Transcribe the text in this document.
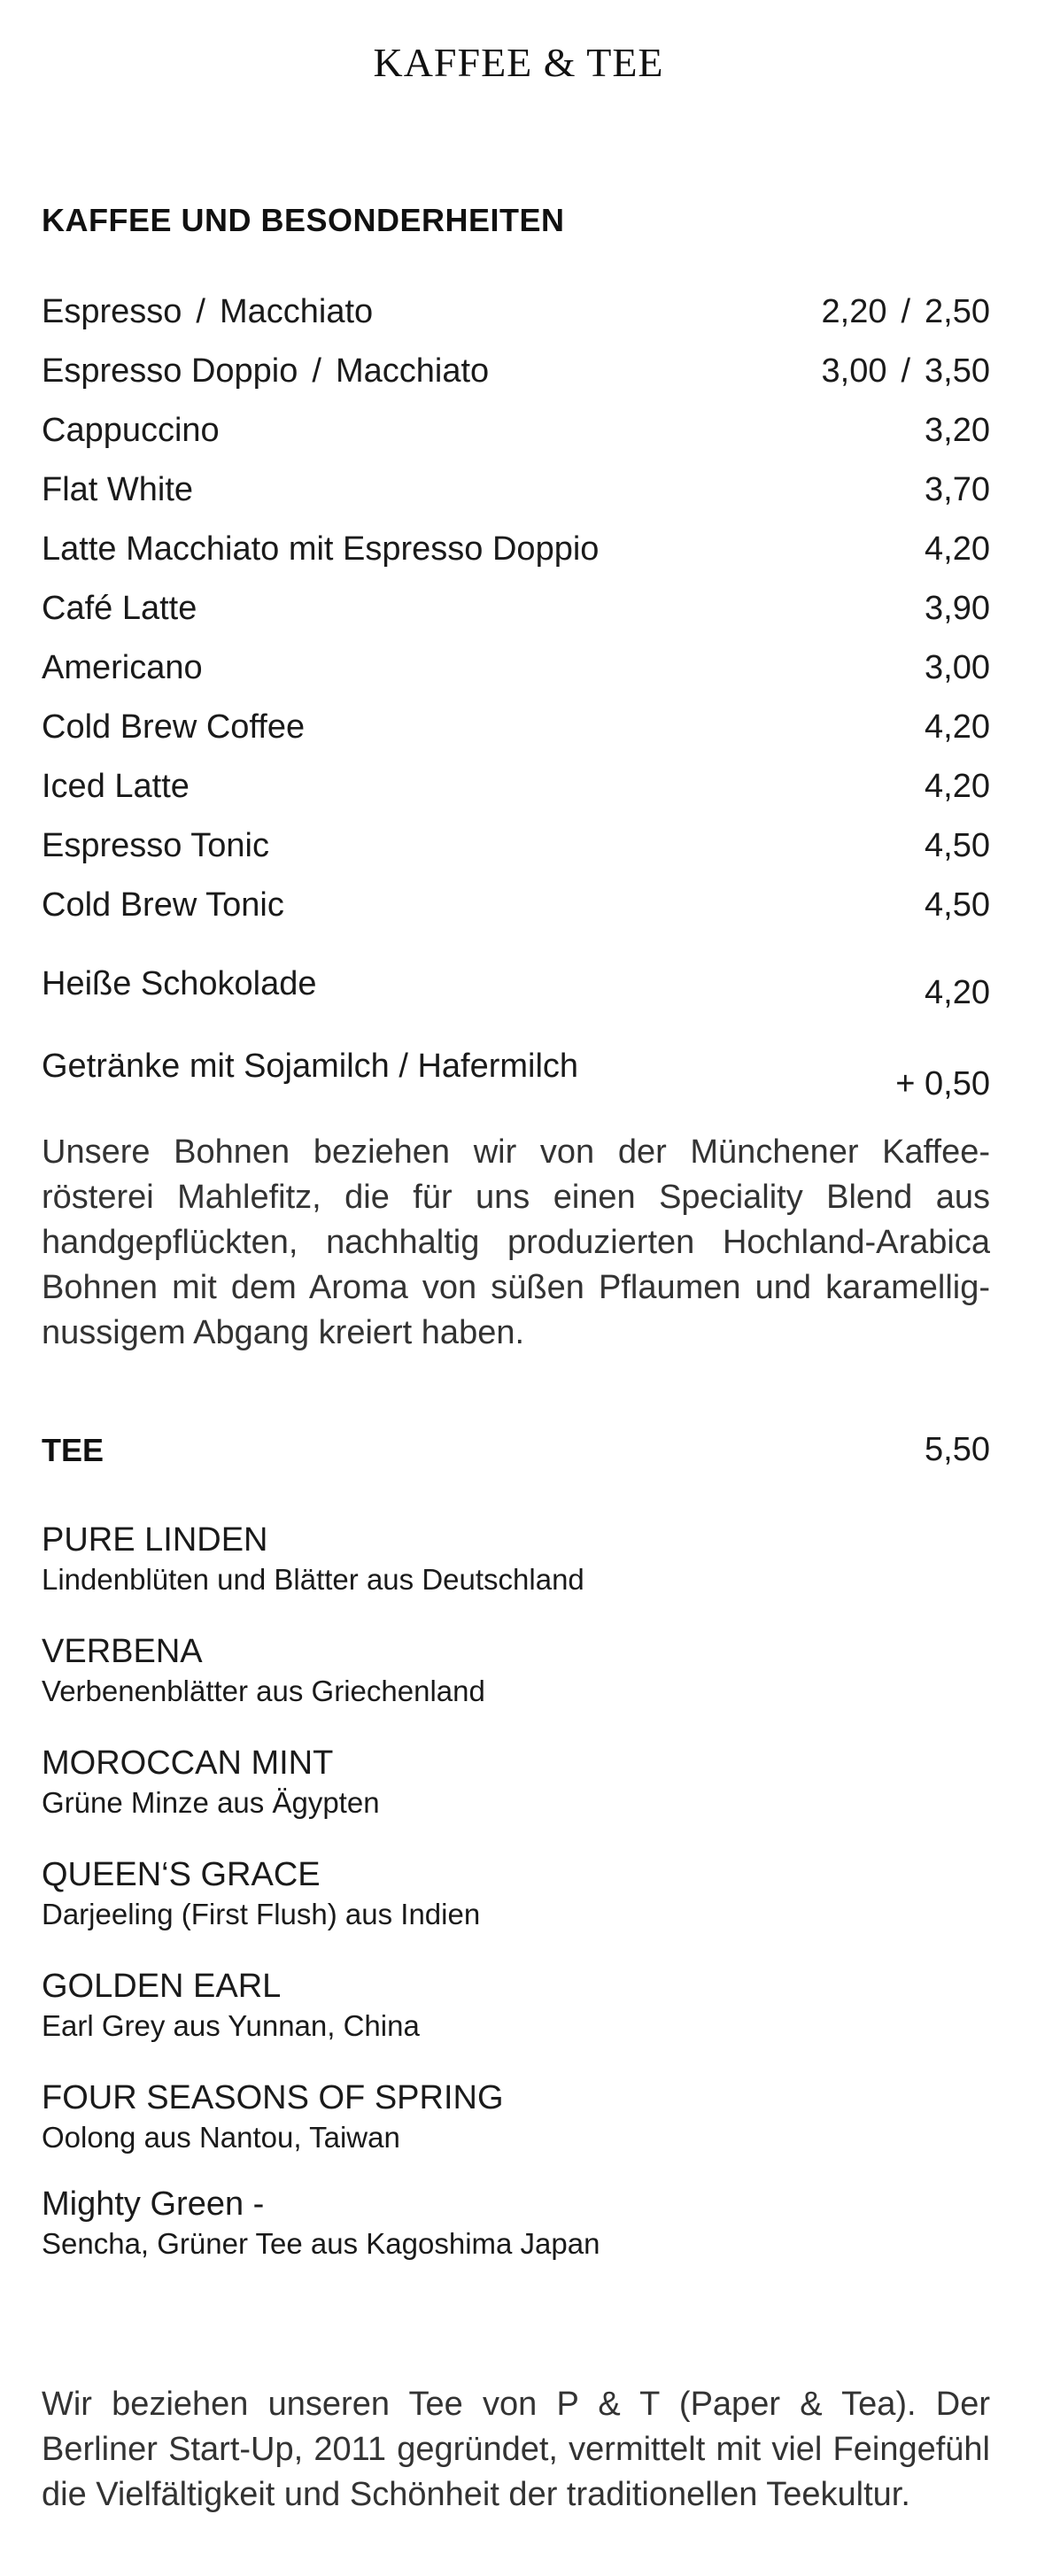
KAFFEE & TEE
KAFFEE UND BESONDERHEITEN
Espresso / Macchiato	2,20 / 2,50
Espresso Doppio / Macchiato	3,00 / 3,50
Cappuccino	3,20
Flat White	3,70
Latte Macchiato mit Espresso Doppio	4,20
Café Latte	3,90
Americano	3,00
Cold Brew Coffee	4,20
Iced Latte	4,20
Espresso Tonic	4,50
Cold Brew Tonic	4,50
Heiße Schokolade	4,20
Getränke mit Sojamilch / Hafermilch	+ 0,50
Unsere Bohnen beziehen wir von der Münchener Kaffee-rösterei Mahlefitz, die für uns einen Speciality Blend aus handgepflückten, nachhaltig produzierten Hochland-Arabica Bohnen mit dem Aroma von süßen Pflaumen und karamellig-nussigem Abgang kreiert haben.
TEE	5,50
PURE LINDEN
Lindenblüten und Blätter aus Deutschland
VERBENA
Verbenenblätter aus Griechenland
MOROCCAN MINT
Grüne Minze aus Ägypten
QUEEN‘S GRACE
Darjeeling (First Flush) aus Indien
GOLDEN EARL
Earl Grey aus Yunnan, China
FOUR SEASONS OF SPRING
Oolong aus Nantou, Taiwan
Mighty Green -
Sencha, Grüner Tee aus Kagoshima Japan
Wir beziehen unseren Tee von P & T (Paper & Tea). Der Berliner Start-Up, 2011 gegründet, vermittelt mit viel Feingefühl die Vielfältigkeit und Schönheit der traditionellen Teekultur.
